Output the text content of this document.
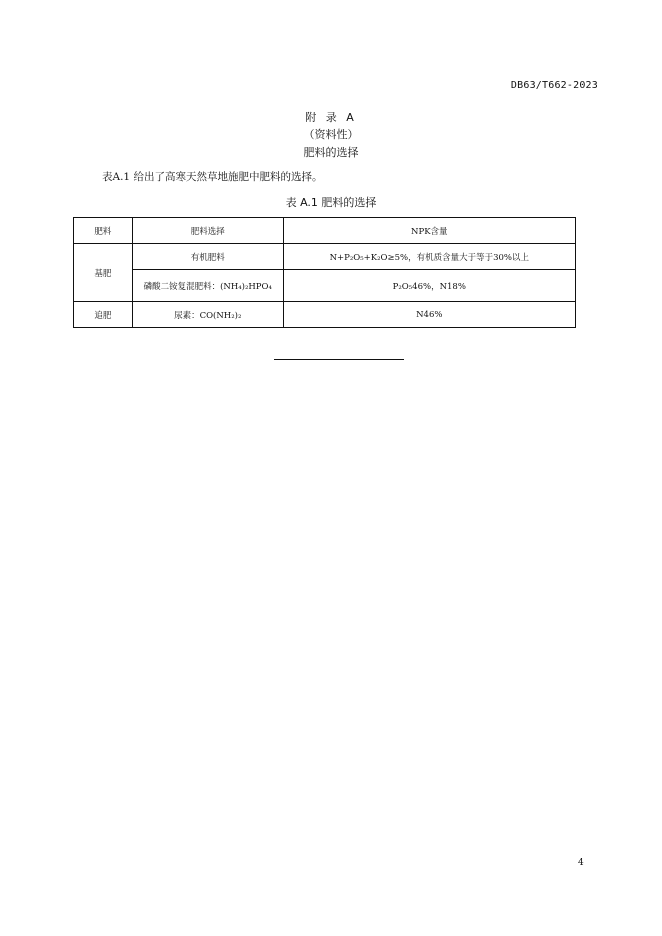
DB63/T662-2023
附 录 A
（资料性）
肥料的选择
表A.1 给出了高寒天然草地施肥中肥料的选择。
表 A.1 肥料的选择
肥料	肥料选择	NPK含量
基肥	有机肥料	N+P₂O₅+K₂O≥5%，有机质含量大于等于30%以上
	磷酸二铵复混肥料：(NH₄)₂HPO₄	P₂O₅46%，N18%
追肥	尿素：CO(NH₂)₂	N46%
4
